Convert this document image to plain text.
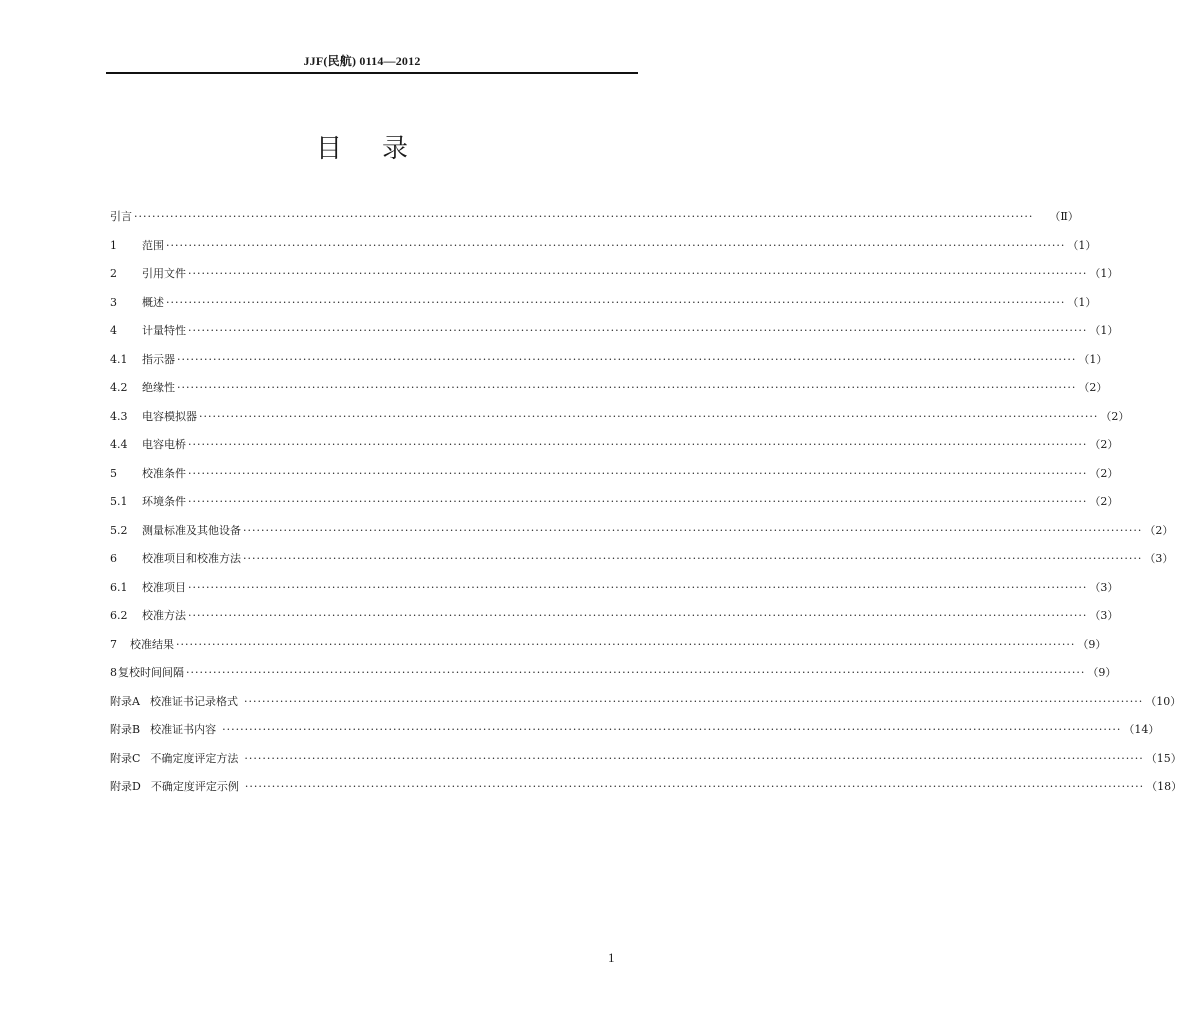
JJF(民航) 0114—2012
目 录
引言 ········································································································································································································ （Ⅱ）
1	范围 ········································································································································································································ （1）
2	引用文件 ········································································································································································································ （1）
3	概述 ········································································································································································································ （1）
4	计量特性 ········································································································································································································ （1）
4.1	指示器 ········································································································································································································ （1）
4.2	绝缘性 ········································································································································································································ （2）
4.3	电容模拟器 ········································································································································································································ （2）
4.4	电容电桥 ········································································································································································································ （2）
5	校准条件 ········································································································································································································ （2）
5.1	环境条件 ········································································································································································································ （2）
5.2	测量标准及其他设备 ········································································································································································································ （2）
6	校准项目和校准方法 ········································································································································································································ （3）
6.1	校准项目 ········································································································································································································ （3）
6.2	校准方法 ········································································································································································································ （3）
7	校准结果 ········································································································································································································ （9）
8 复校时间间隔 ········································································································································································································ （9）
附录A 校准证书记录格式 ········································································································································································································ （10）
附录B 校准证书内容 ········································································································································································································ （14）
附录C 不确定度评定方法 ········································································································································································································ （15）
附录D 不确定度评定示例 ········································································································································································································ （18）
1
